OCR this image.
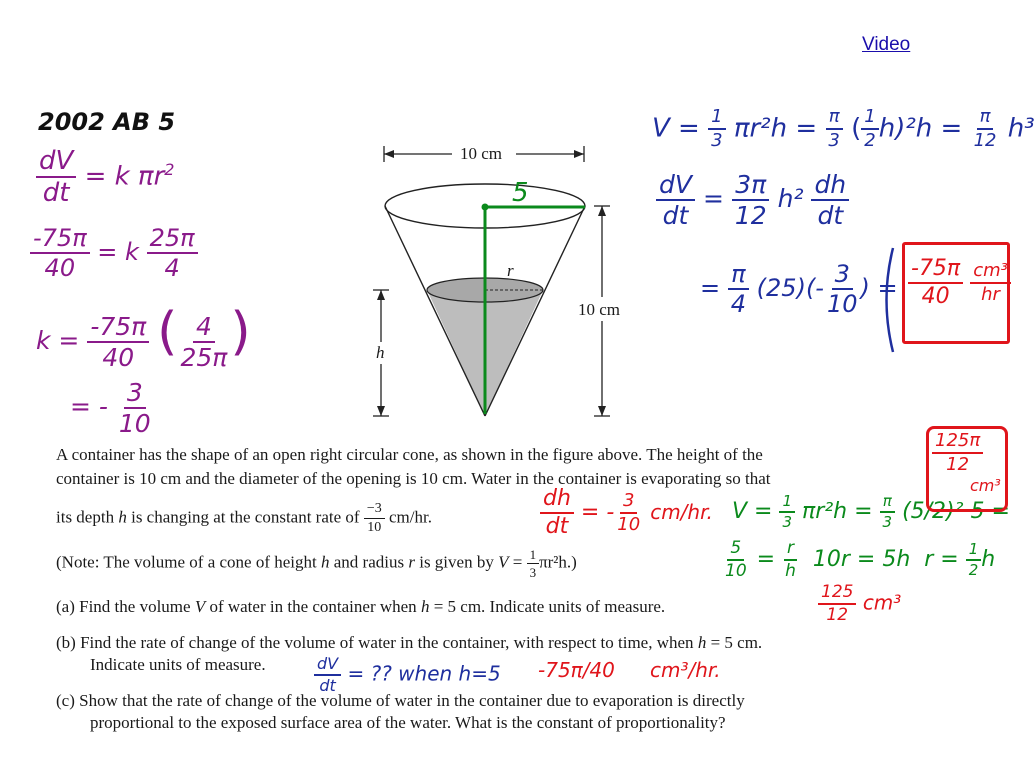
Video
10 cm
10 cm
r
h
5
2002 AB 5
$\frac{dV}{dt} = k$ $\pi r^2$
$\frac{-75\pi}{40} = k \frac{25\pi}{4}$
$k = \frac{-75\pi}{40}$ ( $\frac{4}{25\pi}$ )
= - $\frac{3}{10}$
$V = \frac{1}{3} \pi r^2h = \frac{\pi}{3}$ ( $\frac{1}{2} h)^2h = \frac{\pi}{12} h^3$
$\frac{dV}{dt} = \frac{3\pi}{12} h^2 \frac{dh}{dt}$
= $\frac{\pi}{4} (25)(- \frac{3}{10}$ ) = $\frac{-75\pi}{40}$
$\frac{\text{cm³}}{hr}$
A container has the shape of an open right circular cone, as shown in the figure above. The height of the
container is 10 cm and the diameter of the opening is 10 cm. Water in the container is evaporating so that
its depth h is changing at the constant rate of $\frac{-3}{10} cm/hr$.
(Note: The volume of a cone of height h and radius r is given by $V = \frac{1}{3} \pi r^2h$.)
(a) Find the volume V of water in the container when h = 5 cm. Indicate units of measure.
(b) Find the rate of change of the volume of water in the container, with respect to time, when h = 5 cm.
Indicate units of measure.
(c) Show that the rate of change of the volume of water in the container due to evaporation is directly
proportional to the exposed surface area of the water. What is the constant of proportionality?
$\frac{dh}{dt}$ = - $\frac{3}{10} cm/hr$. $V = \frac{1}{3} \pi r^2h = \frac{\pi}{3} (5/2)^2$ 5 =
$\frac{125\pi}{12}$
cm³
$\frac{5}{10} = \frac{r}{h} 10r = 5h$ $r = \frac{1}{2}$ h
$\frac{125}{12} cm^3$
$\frac{dV}{dt}$ = ?? when h=5 -75π/40 cm³/hr.
